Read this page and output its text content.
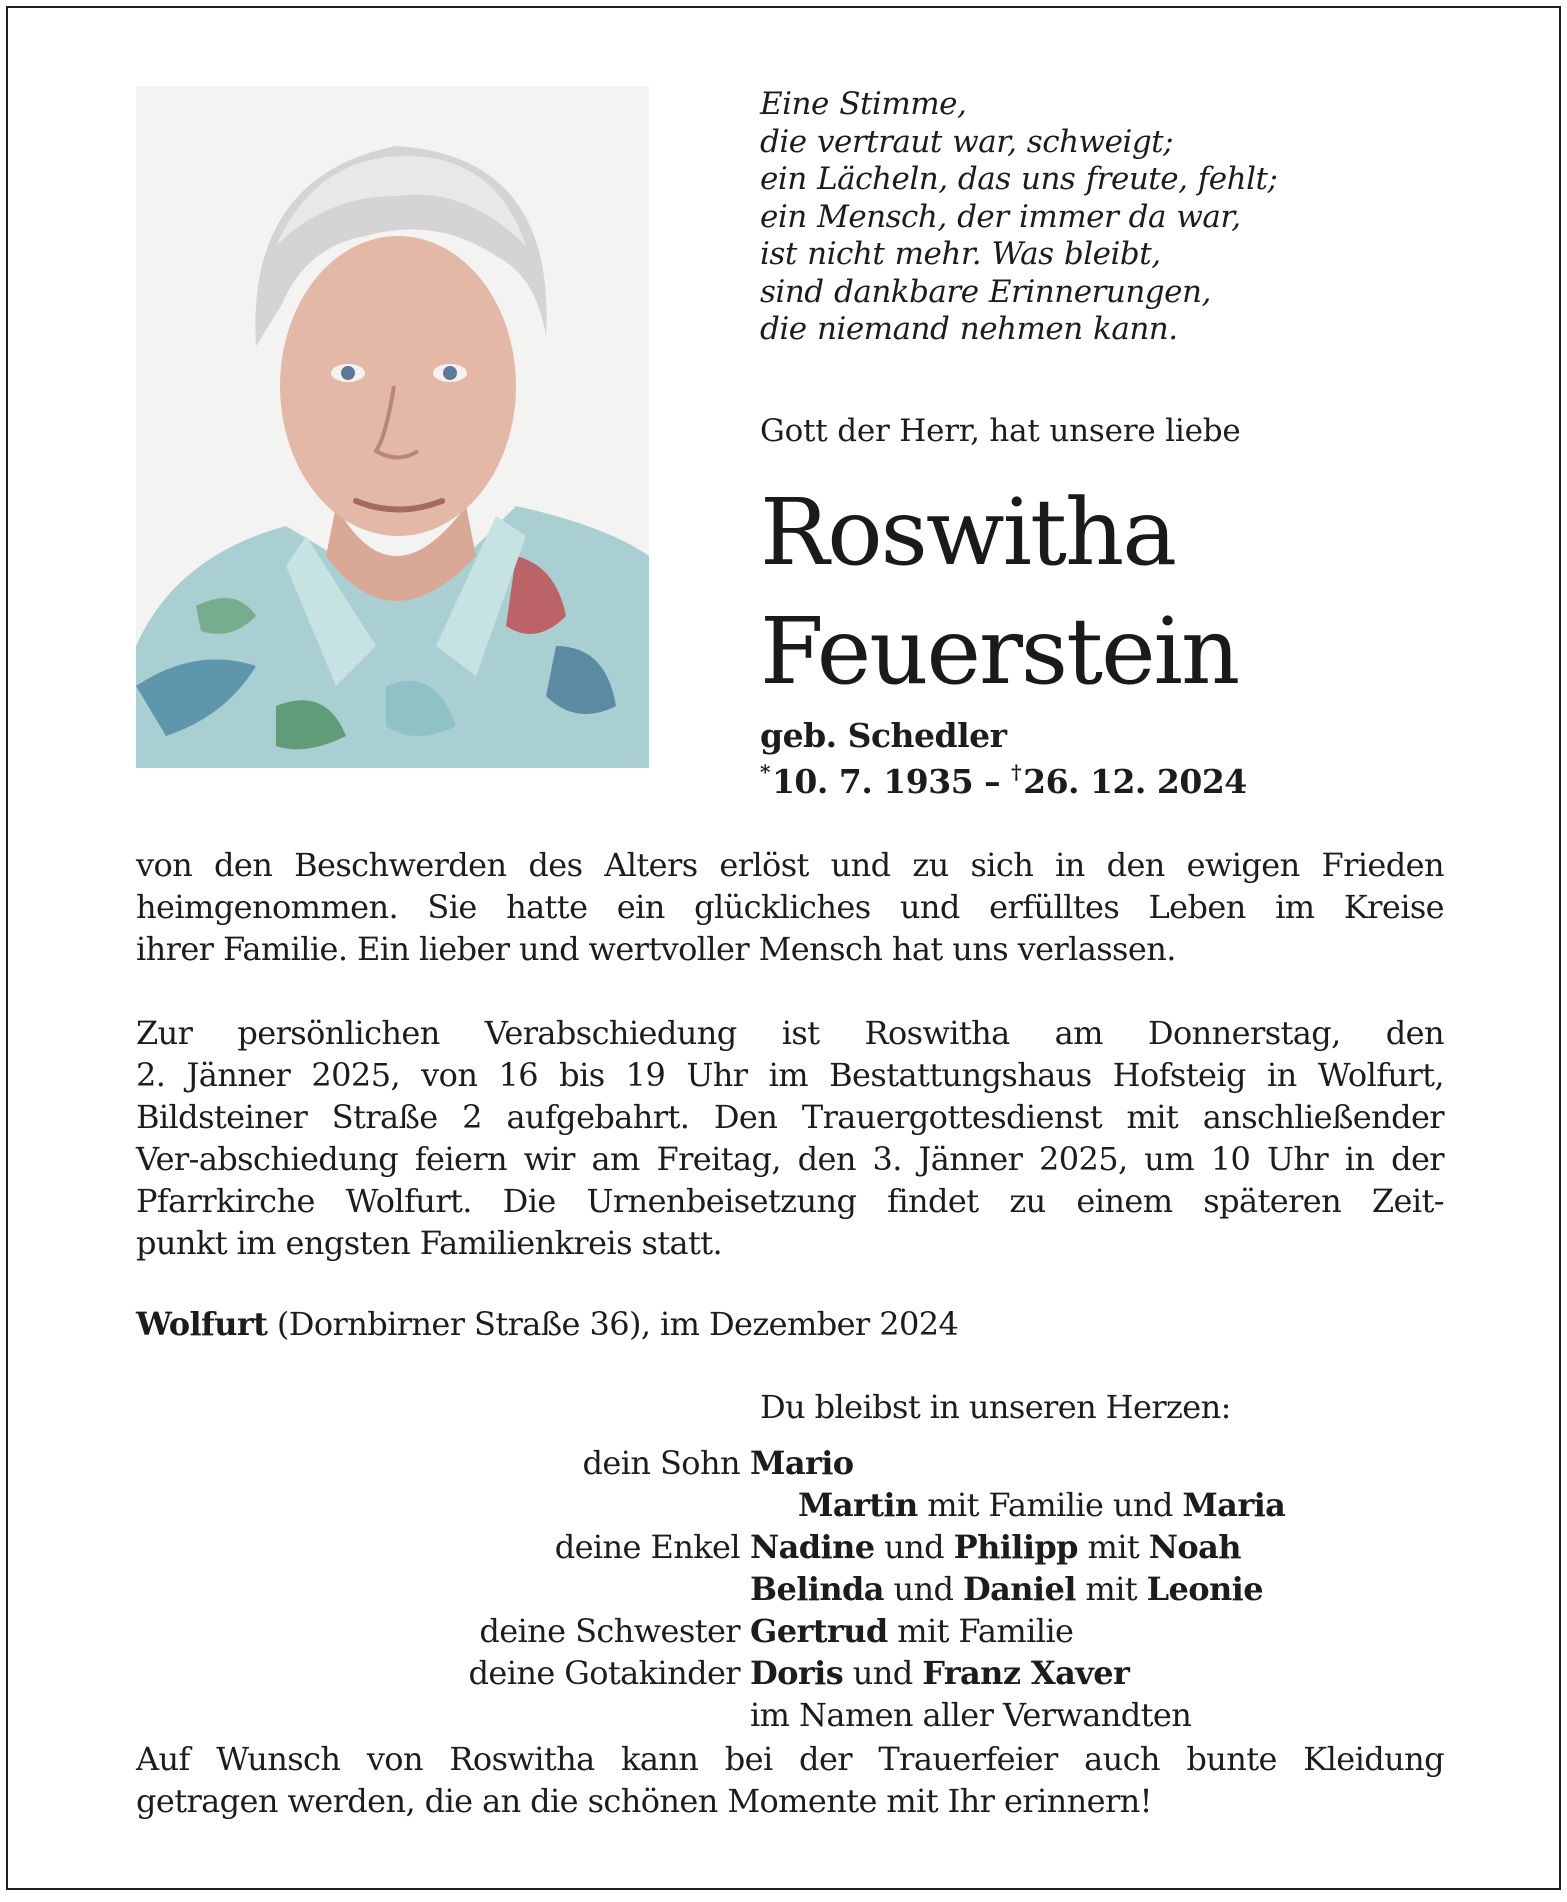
Eine Stimme,
die vertraut war, schweigt;
ein Lächeln, das uns freute, fehlt;
ein Mensch, der immer da war,
ist nicht mehr. Was bleibt,
sind dankbare Erinnerungen,
die niemand nehmen kann.
Gott der Herr, hat unsere liebe
Roswitha
Feuerstein
geb. Schedler
*10. 7. 1935 – †26. 12. 2024
von den Beschwerden des Alters erlöst und zu sich in den ewigen Frieden
heimgenommen. Sie hatte ein glückliches und erfülltes Leben im Kreise
ihrer Familie. Ein lieber und wertvoller Mensch hat uns verlassen.
Zur persönlichen Verabschiedung ist Roswitha am Donnerstag, den
2. Jänner 2025, von 16 bis 19 Uhr im Bestattungshaus Hofsteig in Wolfurt,
Bildsteiner Straße 2 aufgebahrt. Den Trauergottesdienst mit anschließender
Ver-abschiedung feiern wir am Freitag, den 3. Jänner 2025, um 10 Uhr in der
Pfarrkirche Wolfurt. Die Urnenbeisetzung findet zu einem späteren Zeit-
punkt im engsten Familienkreis statt.
Wolfurt (Dornbirner Straße 36), im Dezember 2024
Du bleibst in unseren Herzen:
dein Sohn Mario
Martin mit Familie und Maria
deine Enkel Nadine und Philipp mit Noah
Belinda und Daniel mit Leonie
deine Schwester Gertrud mit Familie
deine Gotakinder Doris und Franz Xaver
im Namen aller Verwandten
Auf Wunsch von Roswitha kann bei der Trauerfeier auch bunte Kleidung
getragen werden, die an die schönen Momente mit Ihr erinnern!
